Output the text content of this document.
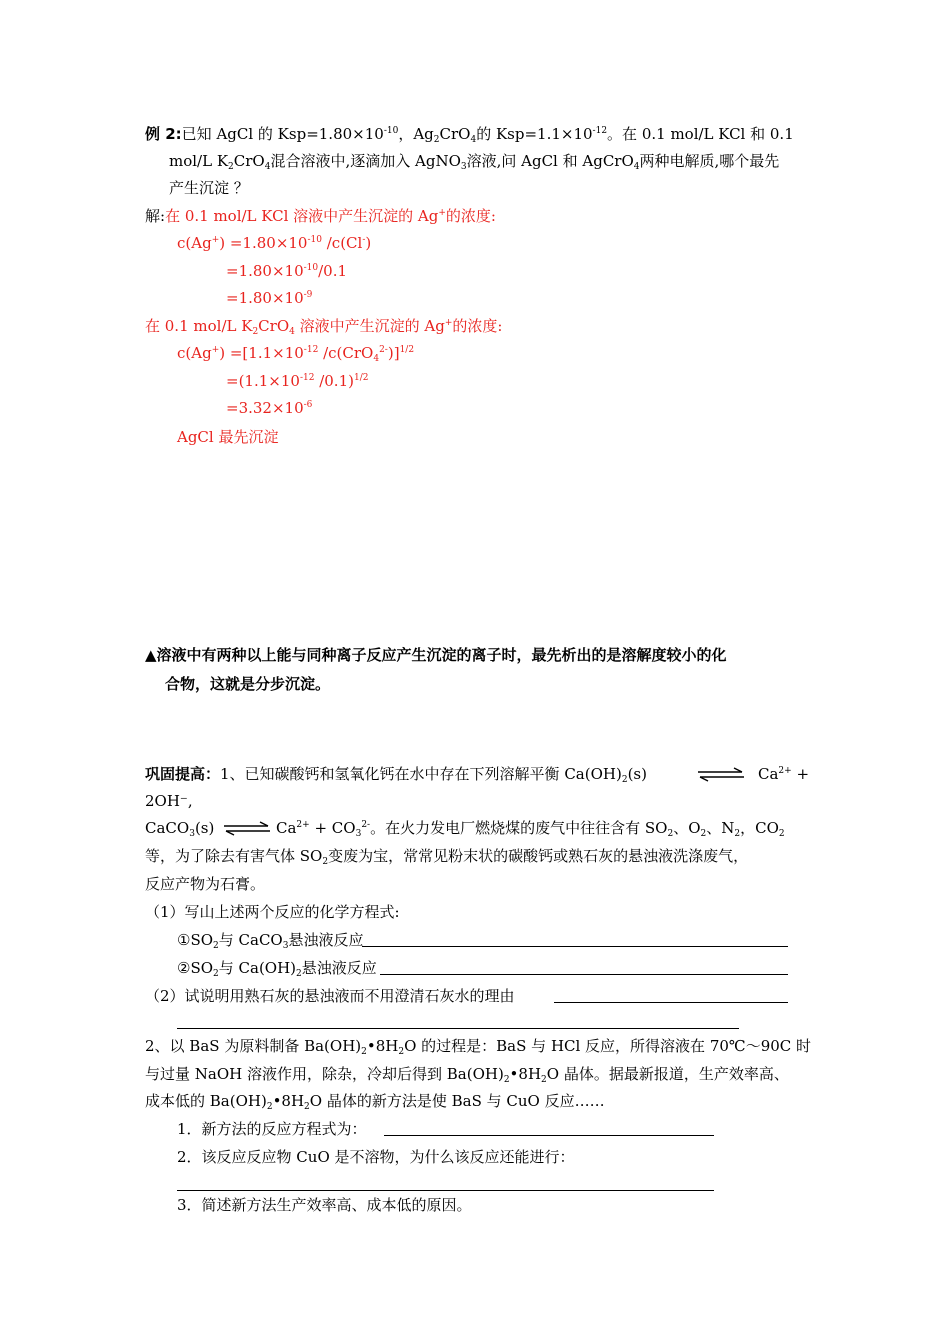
例 2:已知 AgCl 的 $Ksp=1.80\times 10^{-10}$，$Ag_2CrO_4$的 $Ksp=1.1\times 10^{-12}$。在 0.1 mol/L KCl 和 0.1
mol/L $K_2CrO_4$混合溶液中,逐滴加入 AgNO$_3$溶液,问 AgCl 和 AgCrO$_4$两种电解质,哪个最先
产生沉淀 ？
解:在 0.1 mol/L KCl 溶液中产生沉淀的 Ag+的浓度:
$c(Ag^+) =1.80\times 10^{-10}$ /c(Cl-)
$=1.80\times 10^{-10}/0.1$
$=1.80\times 10^{-9}$
在 0.1 mol/L $K_2CrO_4$ 溶液中产生沉淀的 Ag+的浓度:
$c(Ag^+) =[1.1\times 10^{-12}$ /c(CrO$_4^{2-}$)]$^{1/2}$
$=(1.1\times 10^{-12}$ /0.1)$^{1/2}$
$=3.32\times 10^{-6}$
AgCl 最先沉淀
▲溶液中有两种以上能与同种离子反应产生沉淀的离子时，最先析出的是溶解度较小的化
合物，这就是分步沉淀。
巩固提高：1、已知碳酸钙和氢氧化钙在水中存在下列溶解平衡 $Ca(OH)_2(s)$	⇌ $Ca^{2+}$ +
2OH⁻,
CaCO$_3$(s) ⇌ $Ca^{2+} + CO_3^{2-}$。在火力发电厂燃烧煤的废气中往往含有 $SO_2$、$O_2$、$N_2$，$CO_2$
等，为了除去有害气体 $SO_2$变废为宝，常常见粉末状的碳酸钙或熟石灰的悬浊液洗涤废气，
反应产物为石膏。
（1）写山上述两个反应的化学方程式:
$①SO_2$与 CaCO$_3$悬浊液反应
$②SO_2$与 $Ca(OH)_2$悬浊液反应
（2）试说明用熟石灰的悬浊液而不用澄清石灰水的理由
2、以 BaS 为原料制备 $Ba(OH)_2•8H_2O$ 的过程是：BaS 与 HCl 反应，所得溶液在 70℃～90C 时
与过量 NaOH 溶液作用，除杂，冷却后得到 $Ba(OH)_2•8H_2O$ 晶体。据最新报道，生产效率高、
成本低的 $Ba(OH)_2•8H_2O$ 晶体的新方法是使 BaS 与 CuO 反应……
1．新方法的反应方程式为：
2．该反应反应物 CuO 是不溶物，为什么该反应还能进行：
3．简述新方法生产效率高、成本低的原因。
